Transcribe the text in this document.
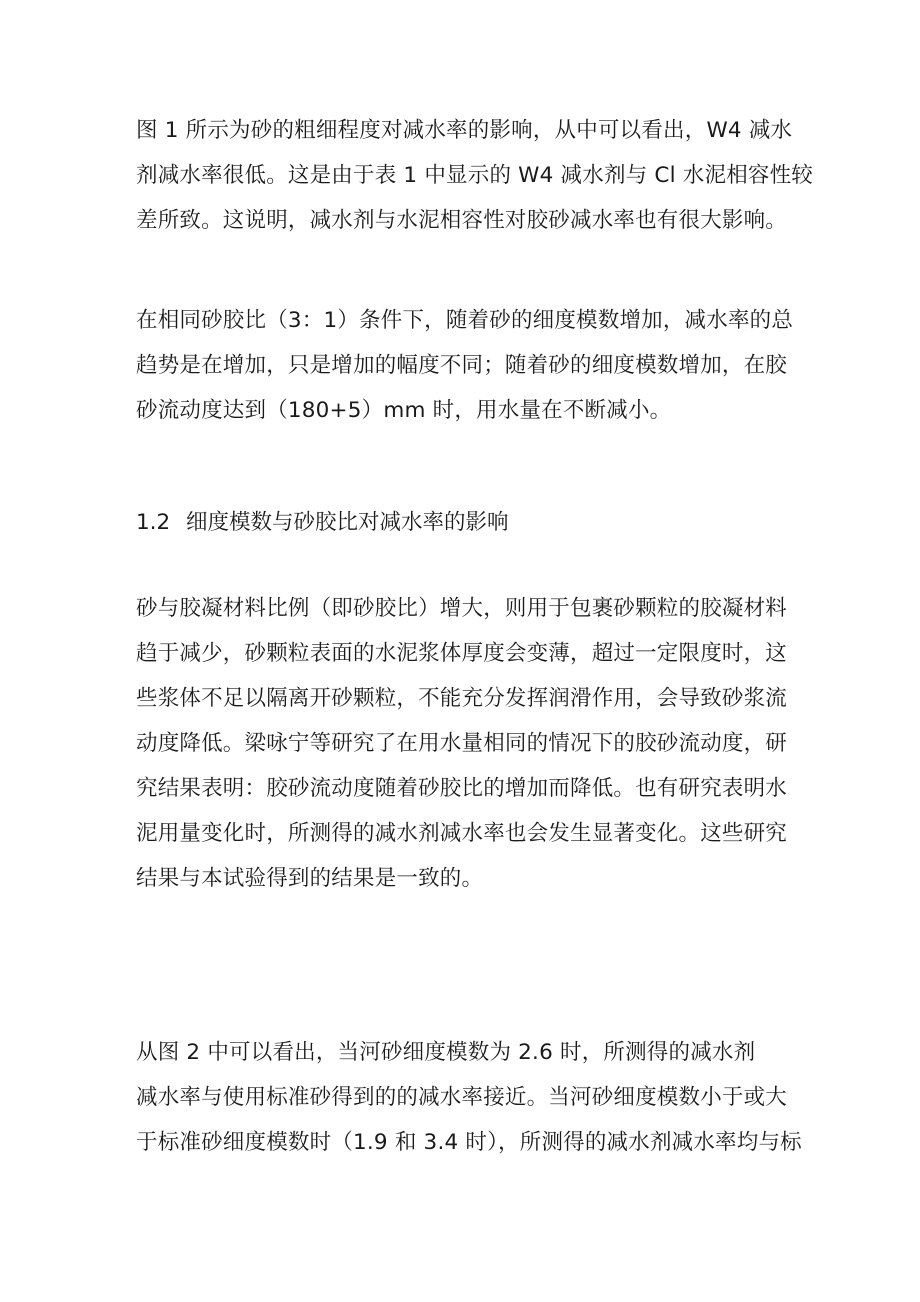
图 1 所示为砂的粗细程度对减水率的影响，从中可以看出，W4 减水
剂减水率很低。这是由于表 1 中显示的 W4 减水剂与 Cl 水泥相容性较
差所致。这说明，减水剂与水泥相容性对胶砂减水率也有很大影响。
在相同砂胶比（3：1）条件下，随着砂的细度模数增加，减水率的总
趋势是在增加，只是增加的幅度不同；随着砂的细度模数增加，在胶
砂流动度达到（180+5）mm 时，用水量在不断减小。
1.2 细度模数与砂胶比对减水率的影响
砂与胶凝材料比例（即砂胶比）增大，则用于包裹砂颗粒的胶凝材料
趋于减少，砂颗粒表面的水泥浆体厚度会变薄，超过一定限度时，这
些浆体不足以隔离开砂颗粒，不能充分发挥润滑作用，会导致砂浆流
动度降低。梁咏宁等研究了在用水量相同的情况下的胶砂流动度，研
究结果表明：胶砂流动度随着砂胶比的增加而降低。也有研究表明水
泥用量变化时，所测得的减水剂减水率也会发生显著变化。这些研究
结果与本试验得到的结果是一致的。
从图 2 中可以看出，当河砂细度模数为 2.6 时，所测得的减水剂
减水率与使用标准砂得到的的减水率接近。当河砂细度模数小于或大
于标准砂细度模数时（1.9 和 3.4 时），所测得的减水剂减水率均与标
